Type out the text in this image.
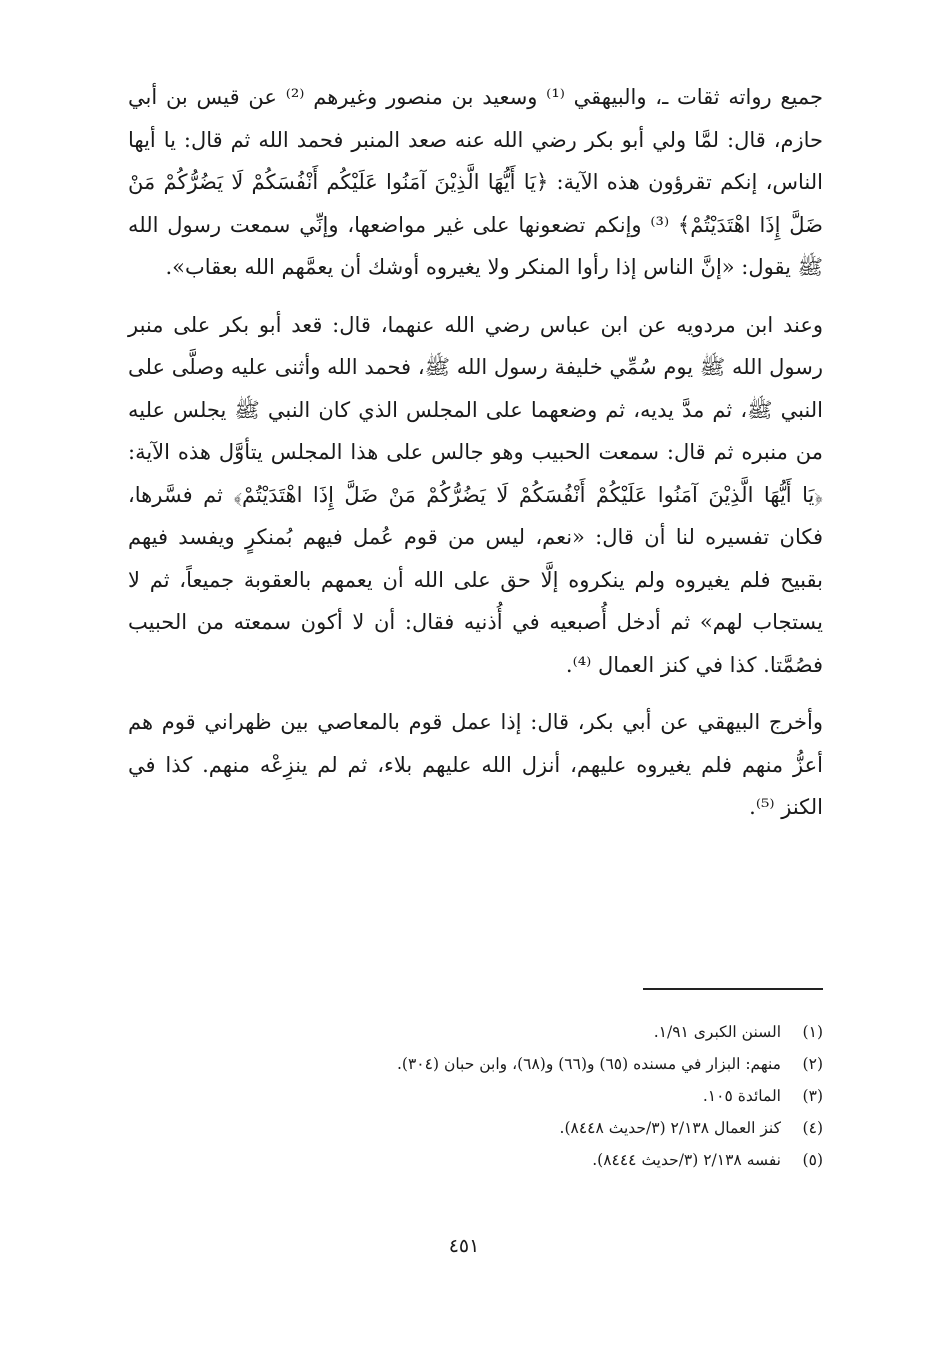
جميع رواته ثقات ـ، والبيهقي ⁽¹⁾ وسعيد بن منصور وغيرهم ⁽²⁾ عن قيس بن أبي حازم، قال: لمَّا ولي أبو بكر رضي الله عنه صعد المنبر فحمد الله ثم قال: يا أيها الناس، إنكم تقرؤون هذه الآية: ﴿يَا أَيُّهَا الَّذِيْنَ آمَنُوا عَلَيْكُم أَنْفُسَكُمْ لَا يَضُرُّكُمْ مَنْ ضَلَّ إِذَا اهْتَدَيْتُمْ﴾ ⁽³⁾ وإنكم تضعونها على غير مواضعها، وإنِّي سمعت رسول الله ﷺ يقول: «إنَّ الناس إذا رأوا المنكر ولا يغيروه أوشك أن يعمَّهم الله بعقاب».

وعند ابن مردويه عن ابن عباس رضي الله عنهما، قال: قعد أبو بكر على منبر رسول الله ﷺ يوم سُمِّي خليفة رسول الله ﷺ، فحمد الله وأثنى عليه وصلَّى على النبي ﷺ، ثم مدَّ يديه، ثم وضعهما على المجلس الذي كان النبي ﷺ يجلس عليه من منبره ثم قال: سمعت الحبيب وهو جالس على هذا المجلس يتأوَّل هذه الآية: ﴿يَا أَيُّهَا الَّذِيْنَ آمَنُوا عَلَيْكُمْ أَنْفُسَكُمْ لَا يَضُرُّكُمْ مَنْ ضَلَّ إِذَا اهْتَدَيْتُمْ﴾ ثم فسَّرها، فكان تفسيره لنا أن قال: «نعم، ليس من قوم عُمل فيهم بُمنكرٍ ويفسد فيهم بقبيح فلم يغيروه ولم ينكروه إلَّا حق على الله أن يعمهم بالعقوبة جميعاً، ثم لا يستجاب لهم» ثم أدخل أُصبعيه في أُذنيه فقال: أن لا أكون سمعته من الحبيب فصُمَّتا. كذا في كنز العمال ⁽⁴⁾.

وأخرج البيهقي عن أبي بكر، قال: إذا عمل قوم بالمعاصي بين ظهراني قوم هم أعزُّ منهم فلم يغيروه عليهم، أنزل الله عليهم بلاء، ثم لم ينزِعْه منهم. كذا في الكنز ⁽⁵⁾.

(١)
السنن الكبرى ١/٩١.
(٢)
منهم: البزار في مسنده (٦٥) و(٦٦) و(٦٨)، وابن حبان (٣٠٤).
(٣)
المائدة ١٠٥.
(٤)
كنز العمال ٢/١٣٨ (٣/حديث ٨٤٤٨).
(٥)
نفسه ٢/١٣٨ (٣/حديث ٨٤٤٤).
٤٥١
